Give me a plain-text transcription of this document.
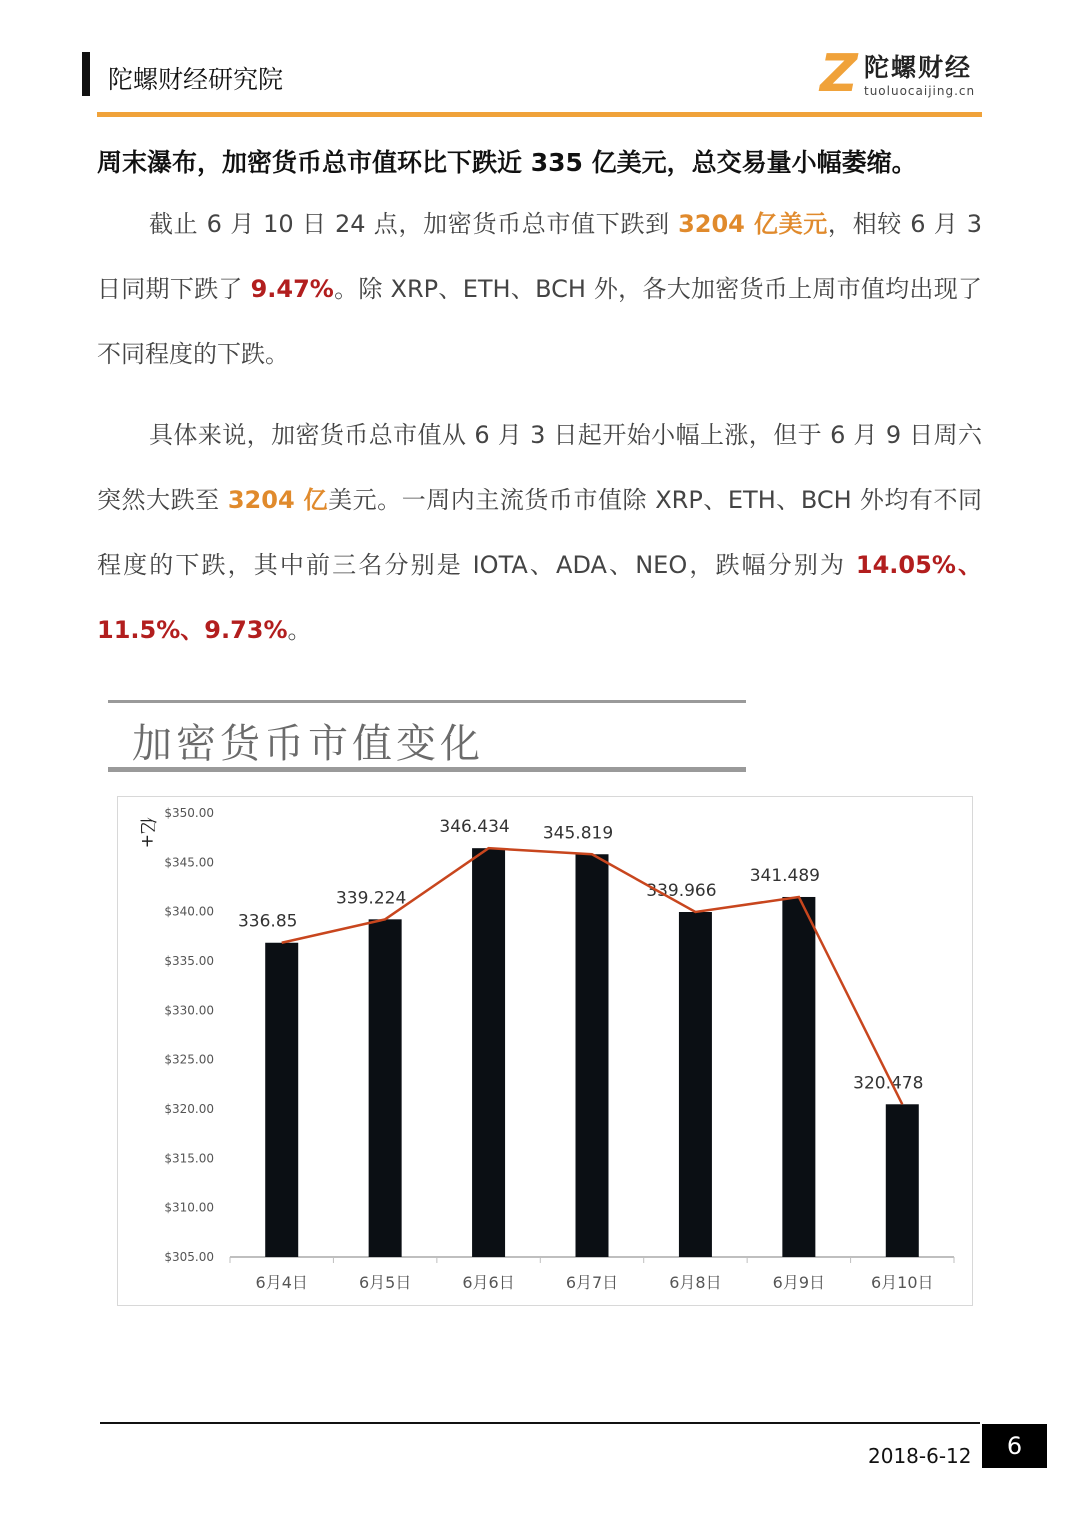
陀螺财经研究院	Z 陀螺财经
tuoluocaijing.cn
周末瀑布，加密货币总市值环比下跌近 335 亿美元，总交易量小幅萎缩。

截止 6 月 10 日 24 点，加密货币总市值下跌到 3204 亿美元，相较 6 月 3 日同期下跌了 9.47%。除 XRP、ETH、BCH 外，各大加密货币上周市值均出现了不同程度的下跌。

具体来说，加密货币总市值从 6 月 3 日起开始小幅上涨，但于 6 月 9 日周六突然大跌至 3204 亿美元。一周内主流货币市值除 XRP、ETH、BCH 外均有不同程度的下跌，其中前三名分别是 IOTA、ADA、NEO，跌幅分别为 14.05%、11.5%、9.73%。

加密货币市值变化
$305.00
$310.00
$315.00
$320.00
$325.00
$330.00
$335.00
$340.00
$345.00
$350.00
亿+
6月4日
336.85
6月5日
339.224
6月6日
346.434
6月7日
345.819
6月8日
339.966
6月9日
341.489
6月10日
320.478
2018-6-12	6
